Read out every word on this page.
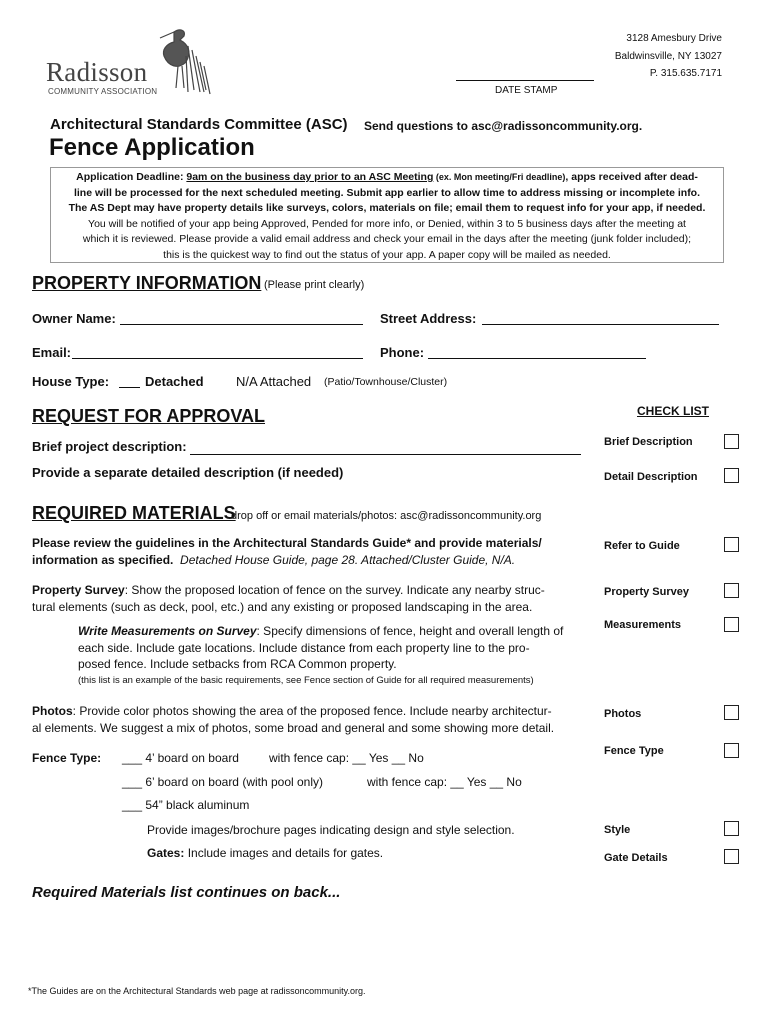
Radisson
COMMUNITY ASSOCIATION
3128 Amesbury Drive
Baldwinsville, NY 13027
P. 315.635.7171
DATE STAMP
Architectural Standards Committee (ASC) Send questions to asc@radissoncommunity.org.
Fence Application

Application Deadline: 9am on the business day prior to an ASC Meeting (ex. Mon meeting/Fri deadline), apps received after dead-

line will be processed for the next scheduled meeting. Submit app earlier to allow time to address missing or incomplete info.

The AS Dept may have property details like surveys, colors, materials on file; email them to request info for your app, if needed.

You will be notified of your app being Approved, Pended for more info, or Denied, within 3 to 5 business days after the meeting at

which it is reviewed. Please provide a valid email address and check your email in the days after the meeting (junk folder included);

this is the quickest way to find out the status of your app. A paper copy will be mailed as needed.

PROPERTY INFORMATION (Please print clearly)
Owner Name:	Street Address:
Email:	Phone:
House Type:	Detached N/A Attached (Patio/Townhouse/Cluster)
REQUEST FOR APPROVAL
Brief project description:
Provide a separate detailed description (if needed)
CHECK LIST
Brief Description
Detail Description
Refer to Guide
Property Survey
Measurements
Photos
Fence Type
Style
Gate Details
REQUIRED MATERIALS
drop off or email materials/photos: asc@radissoncommunity.org
Please review the guidelines in the Architectural Standards Guide* and provide materials/
information as specified. Detached House Guide, page 28. Attached/Cluster Guide, N/A.
Property Survey: Show the proposed location of fence on the survey. Indicate any nearby struc-
tural elements (such as deck, pool, etc.) and any existing or proposed landscaping in the area.
Write Measurements on Survey: Specify dimensions of fence, height and overall length of
each side. Include gate locations. Include distance from each property line to the pro-
posed fence. Include setbacks from RCA Common property.
(this list is an example of the basic requirements, see Fence section of Guide for all required measurements)
Photos: Provide color photos showing the area of the proposed fence. Include nearby architectur-
al elements. We suggest a mix of photos, some broad and general and some showing more detail.
Fence Type: ___ 4’ board on board	with fence cap: __ Yes __ No
___ 6’ board on board (with pool only)	with fence cap: __ Yes __ No
___ 54” black aluminum
Provide images/brochure pages indicating design and style selection.
Gates: Include images and details for gates.
Required Materials list continues on back...
*The Guides are on the Architectural Standards web page at radissoncommunity.org.
